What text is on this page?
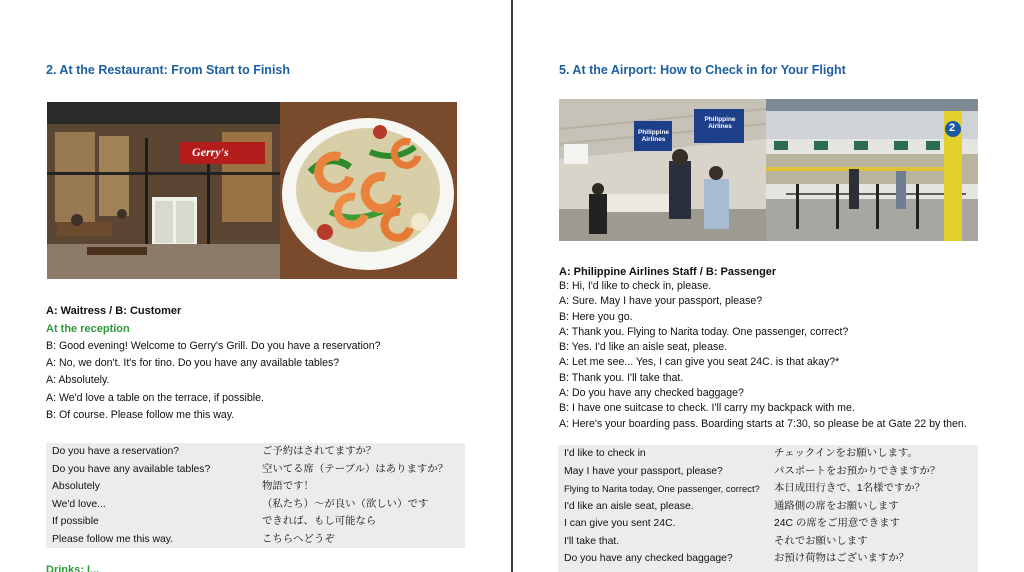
2. At the Restaurant: From Start to Finish
Gerry's
A: Waitress / B: Customer
At the reception
B: Good evening! Welcome to Gerry's Grill. Do you have a reservation?
A: No, we don't. It's for tino. Do you have any available tables?
A: Absolutely.
A: We'd love a table on the terrace, if possible.
B: Of course. Please follow me this way.
Do you have a reservation?	ご予約はされてますか？
Do you have any available tables?	空いてる席（テーブル）はありますか？
Absolutely	物語です！
We'd love...	（私たち）～が良い（欲しい）です
If possible	できれば、もし可能なら
Please follow me this way.	こちらへどうぞ
Drinks: I...
5. At the Airport: How to Check in for Your Flight
Philippine Airlines
Philippine Airlines	2
A: Philippine Airlines Staff / B: Passenger
B: Hi, I'd like to check in, please.
A: Sure. May I have your passport, please?
B: Here you go.
A: Thank you. Flying to Narita today. One passenger, correct?
B: Yes. I'd like an aisle seat, please.
A: Let me see... Yes, I can give you seat 24C. is that akay?*
B: Thank you. I'll take that.
A: Do you have any checked baggage?
B: I have one suitcase to check. I'll carry my backpack with me.
A: Here's your boarding pass. Boarding starts at 7:30, so please be at Gate 22 by then.
I'd like to check in	チェックインをお願いします。
May I have your passport, please?	パスポートをお預かりできますか？
Flying to Narita today, One passenger, correct?	本日成田行きで、1名様ですか？
I'd like an aisle seat, please.	通路側の席をお願いします
I can give you sent 24C.	24C の席をご用意できます
I'll take that.	それでお願いします
Do you have any checked baggage?	お預け荷物はございますか？
